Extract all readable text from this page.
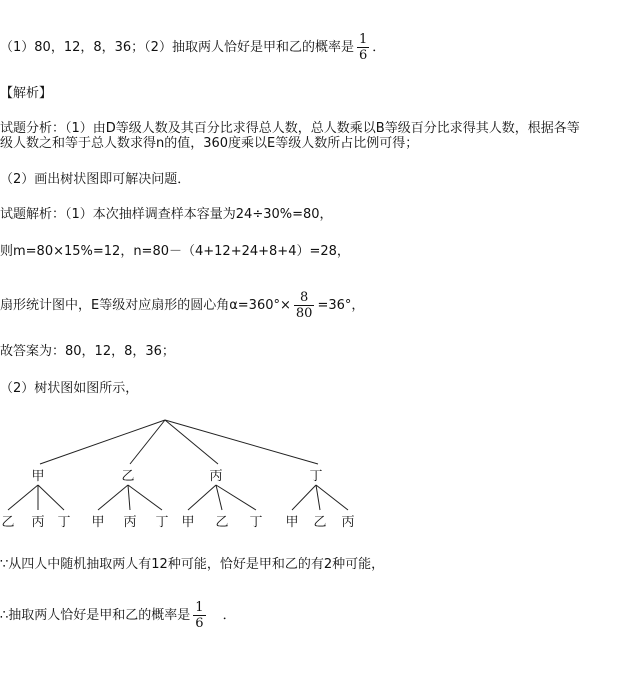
（1）80，12，8，36；（2）抽取两人恰好是甲和乙的概率是 $\frac{1}{6}$ ．
【解析】
试题分析：（1）由D等级人数及其百分比求得总人数，总人数乘以B等级百分比求得其人数，根据各等
级人数之和等于总人数求得n的值，360度乘以E等级人数所占比例可得；
（2）画出树状图即可解决问题．
试题解析：（1）本次抽样调查样本容量为24÷30%=80，
则m=80×15%=12，n=80－（4+12+24+8+4）=28，
扇形统计图中，E等级对应扇形的圆心角$\alpha=360^\circ\times \frac{8}{80} =36^\circ$，
故答案为：80，12，8，36；
（2）树状图如图所示，
甲	乙	丙	丁
乙 丙 丁 甲 丙 丁 甲 乙 丁 甲 乙 丙
∵从四人中随机抽取两人有12种可能，恰好是甲和乙的有2种可能，
∴抽取两人恰好是甲和乙的概率是 $\frac{1}{6}$ ．
